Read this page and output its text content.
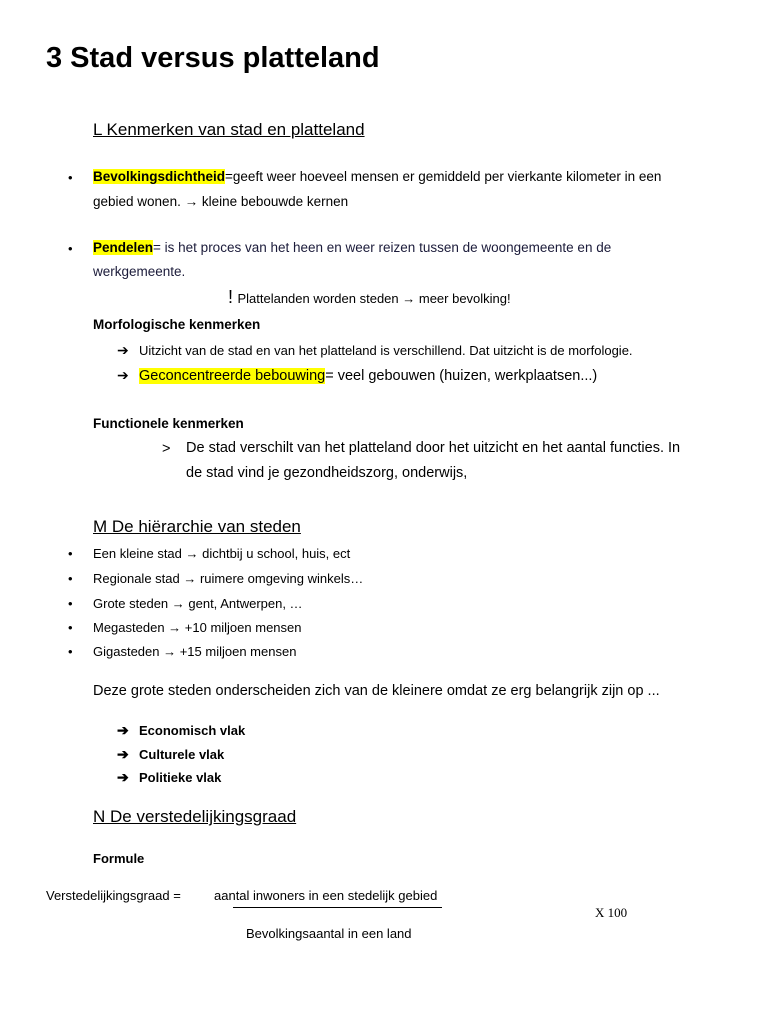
3 Stad versus platteland
L Kenmerken van stad en platteland
• Bevolkingsdichtheid=geeft weer hoeveel mensen er gemiddeld per vierkante kilometer in een
gebied wonen. → kleine bebouwde kernen
• Pendelen= is het proces van het heen en weer reizen tussen de woongemeente en de
werkgemeente.
! Plattelanden worden steden → meer bevolking!
Morfologische kenmerken
➔ Uitzicht van de stad en van het platteland is verschillend. Dat uitzicht is de morfologie.
➔ Geconcentreerde bebouwing= veel gebouwen (huizen, werkplaatsen...)
Functionele kenmerken
> De stad verschilt van het platteland door het uitzicht en het aantal functies. In
de stad vind je gezondheidszorg, onderwijs,
M De hiërarchie van steden
• Een kleine stad → dichtbij u school, huis, ect
• Regionale stad → ruimere omgeving winkels…
• Grote steden → gent, Antwerpen, …
• Megasteden → +10 miljoen mensen
• Gigasteden → +15 miljoen mensen
Deze grote steden onderscheiden zich van de kleinere omdat ze erg belangrijk zijn op ...
➔ Economisch vlak
➔ Culturele vlak
➔ Politieke vlak
N De verstedelijkingsgraad
Formule
Verstedelijkingsgraad =	aantal inwoners in een stedelijk gebied
X 100
Bevolkingsaantal in een land
